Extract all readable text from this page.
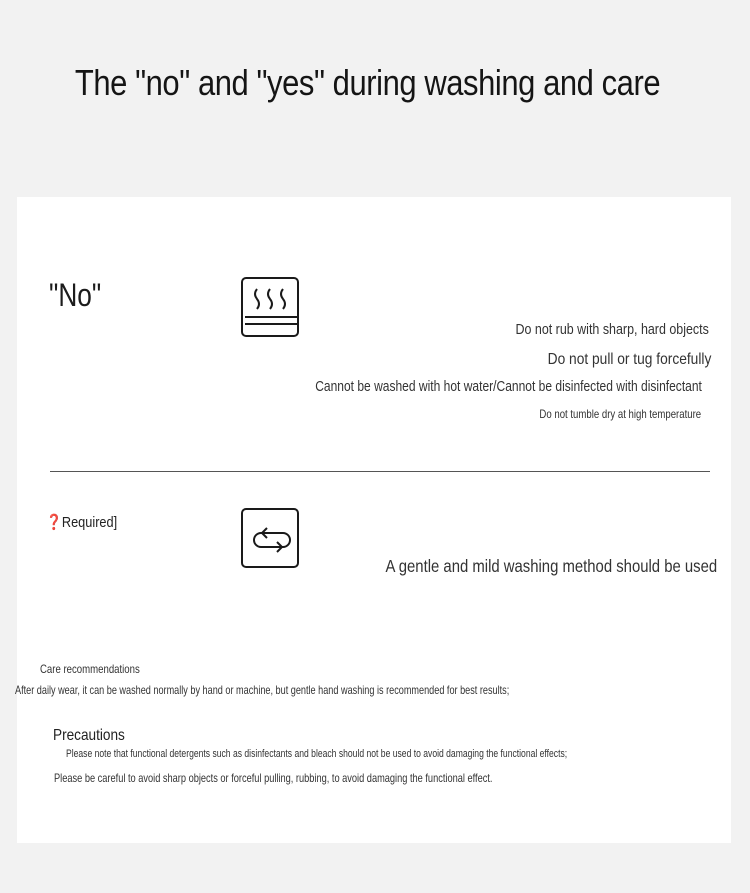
The "no" and "yes" during washing and care
"No"
Do not rub with sharp, hard objects
Do not pull or tug forcefully
Cannot be washed with hot water/Cannot be disinfected with disinfectant
Do not tumble dry at high temperature
❓Required]
A gentle and mild washing method should be used
Care recommendations
After daily wear, it can be washed normally by hand or machine, but gentle hand washing is recommended for best results;
Precautions
Please note that functional detergents such as disinfectants and bleach should not be used to avoid damaging the functional effects;
Please be careful to avoid sharp objects or forceful pulling, rubbing, to avoid damaging the functional effect.
